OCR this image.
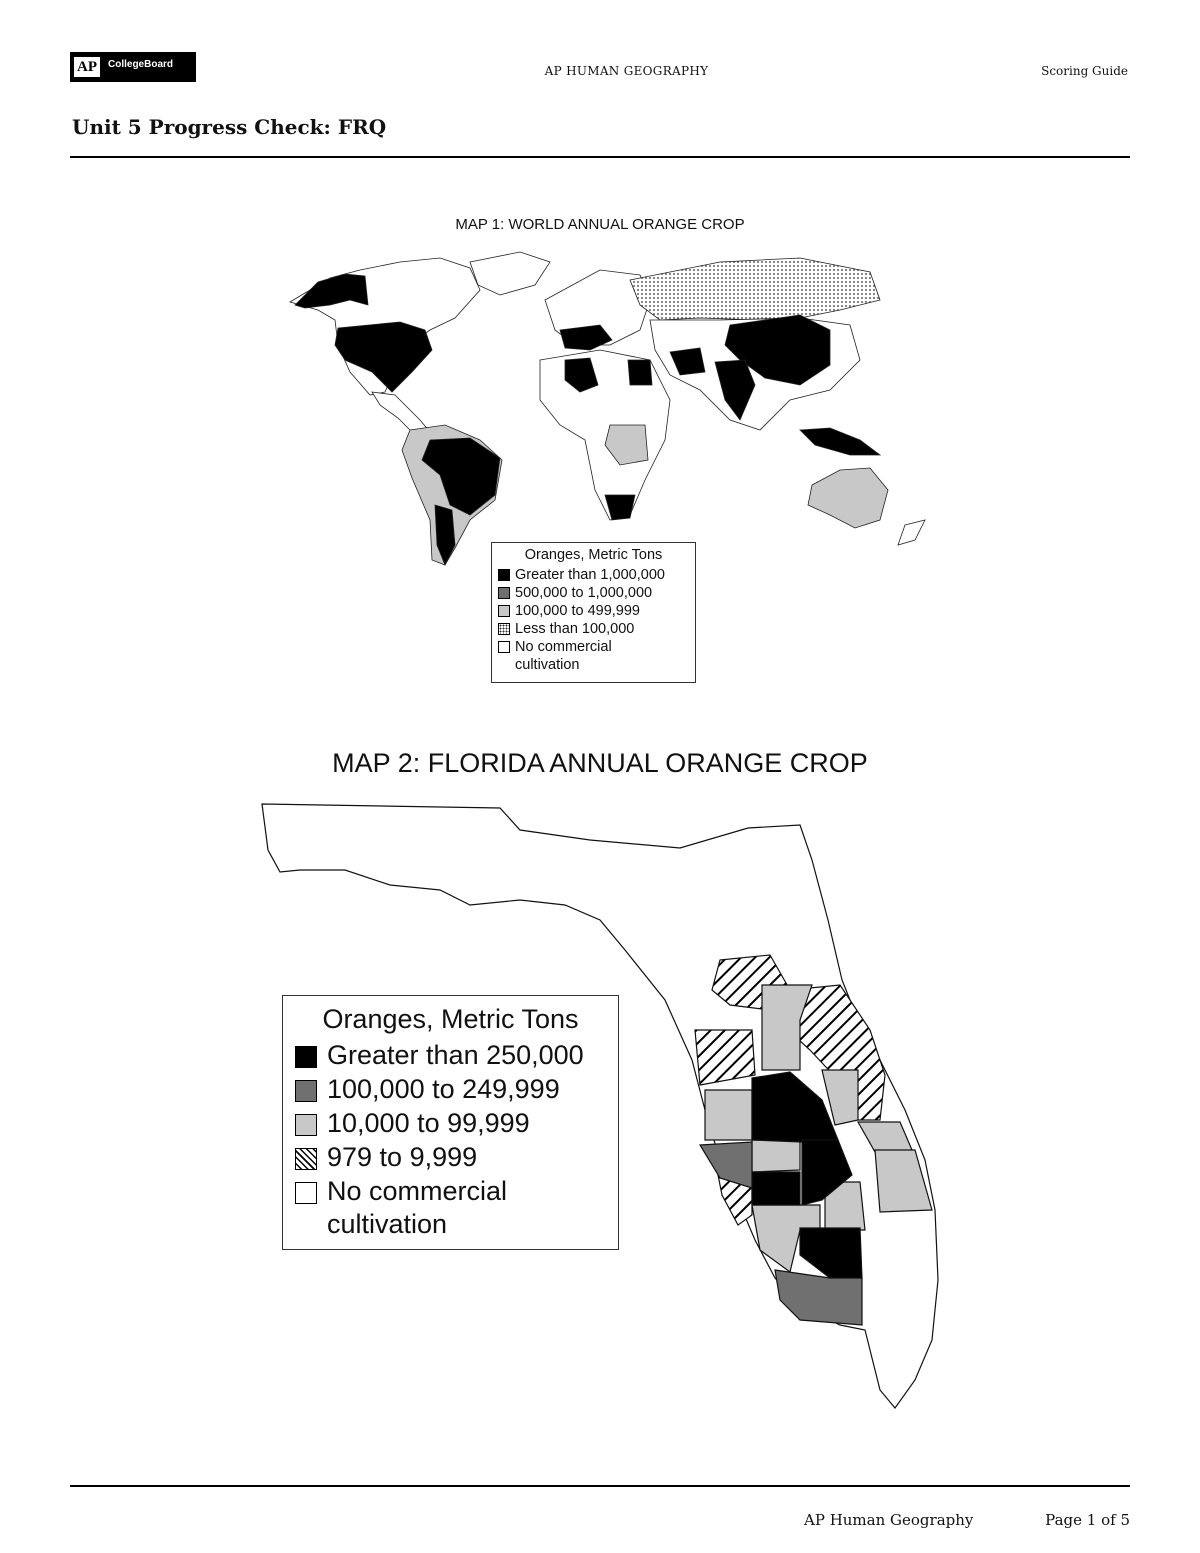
AP	CollegeBoard	AP HUMAN GEOGRAPHY	Scoring Guide
Unit 5 Progress Check: FRQ
MAP 1: WORLD ANNUAL ORANGE CROP
Oranges, Metric Tons
Greater than 1,000,000
500,000 to 1,000,000
100,000 to 499,999
Less than 100,000
No commercial
cultivation
MAP 2: FLORIDA ANNUAL ORANGE CROP
Oranges, Metric Tons
Greater than 250,000
100,000 to 249,999
10,000 to 99,999
979 to 9,999
No commercial
cultivation
AP Human Geography	Page 1 of 5
